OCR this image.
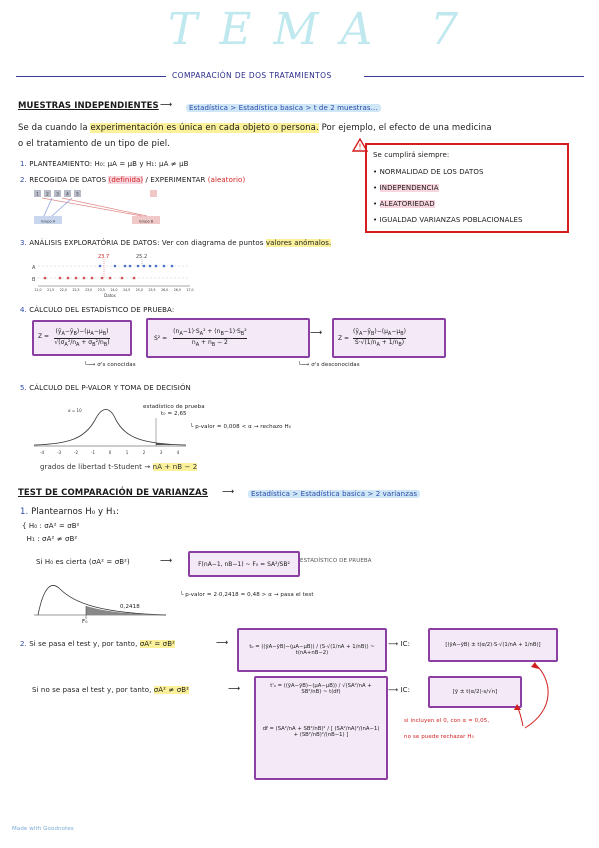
TEMA 7
COMPARACIÓN DE DOS TRATAMIENTOS
MUESTRAS INDEPENDIENTES ⟶	Estadística > Estadística basica > t de 2 muestras...
Se da cuando la experimentación es única en cada objeto o persona. Por ejemplo, el efecto de una medicina
o el tratamiento de un tipo de piel.	!
Se cumplirá siempre:
• NORMALIDAD DE LOS DATOS
• INDEPENDENCIA
• ALEATORIEDAD
• IGUALDAD VARIANZAS POBLACIONALES
1. PLANTEAMIENTO: H₀: μA = μB y H₁: μA ≠ μB
2. RECOGIDA DE DATOS (definida) / EXPERIMENTAR (aleatorio)
Grupo A	Grupo B
1 2 3 4 5
3. ANÁLISIS EXPLORATÓRIA DE DATOS: Ver con diagrama de puntos valores anómalos.
A
B
23.7	25.2
21,0 21,5 22,0 22,5 23,0 23,5 24,0 24,5 25,0 25,5 26,0 26,5 27,0
Datos
4. CÁLCULO DEL ESTADÍSTICO DE PRUEBA:
$(ȳ_A-ȳ_B)-(\mu_A-\mu_B)$
$√(\sigma_A^2/n_A + \sigma_B^2/n_B)$
Z =	$S^2 = \frac{(n_A-1)\cdot S_A^2 + (n_B-1)\cdot S_B^2}{n_A + n_B - 2}$	⟶	$Z = \frac{(ȳ_A-ȳ_B)-(\mu_A-\mu_B)}{S\cdot√(1/n_A + 1/n_B)}$
└⟶ σ's conocidas	└⟶ σ's desconocidas
5. CÁLCULO DEL P-VALOR Y TOMA DE DECISIÓN
α = 10
-4	-3	-2	-1	0	1	2	3	4
estadístico de prueba
t₀ = 2,65
└ p-valor = 0,008 < α → rechazo H₀
grados de libertad t-Student → nA + nB − 2
TEST DE COMPARACIÓN DE VARIANZAS ⟶	Estadística > Estadística basica > 2 varianzas
1. Plantearnos H₀ y H₁:
{ H₀ : σA² = σB²
H₁ : σA² ≠ σB²
Si H₀ es cierta (σA² = σB²)	⟶	F(nA−1, nB−1) ~ F₀ = SA²/SB²	ESTADÍSTICO DE PRUEBA
0,2418
F₀
└ p-valor = 2·0,2418 = 0,48 > α → pasa el test
2. Si se pasa el test y, por tanto, σA² = σB²	⟶	t₀ = ((ȳA−ȳB)−(μA−μB)) / (S·√(1/nA + 1/nB)) ~ t(nA+nB−2)
⟶ IC:	[(ȳA−ȳB) ± t(α/2)·S·√(1/nA + 1/nB)]
Si no se pasa el test y, por tanto, σA² ≠ σB²	⟶	t'₀ = ((ȳA−ȳB)−(μA−μB)) / √(SA²/nA + SB²/nB) ~ t(df)
df = (SA²/nA + SB²/nB)² / [ (SA²/nA)²/(nA−1) + (SB²/nB)²/(nB−1) ]
⟶ IC:	[ȳ ± t(α/2)·s/√n]
si incluyen el 0, con α = 0,05,
no se puede rechazar H₀
Made with Goodnotes
